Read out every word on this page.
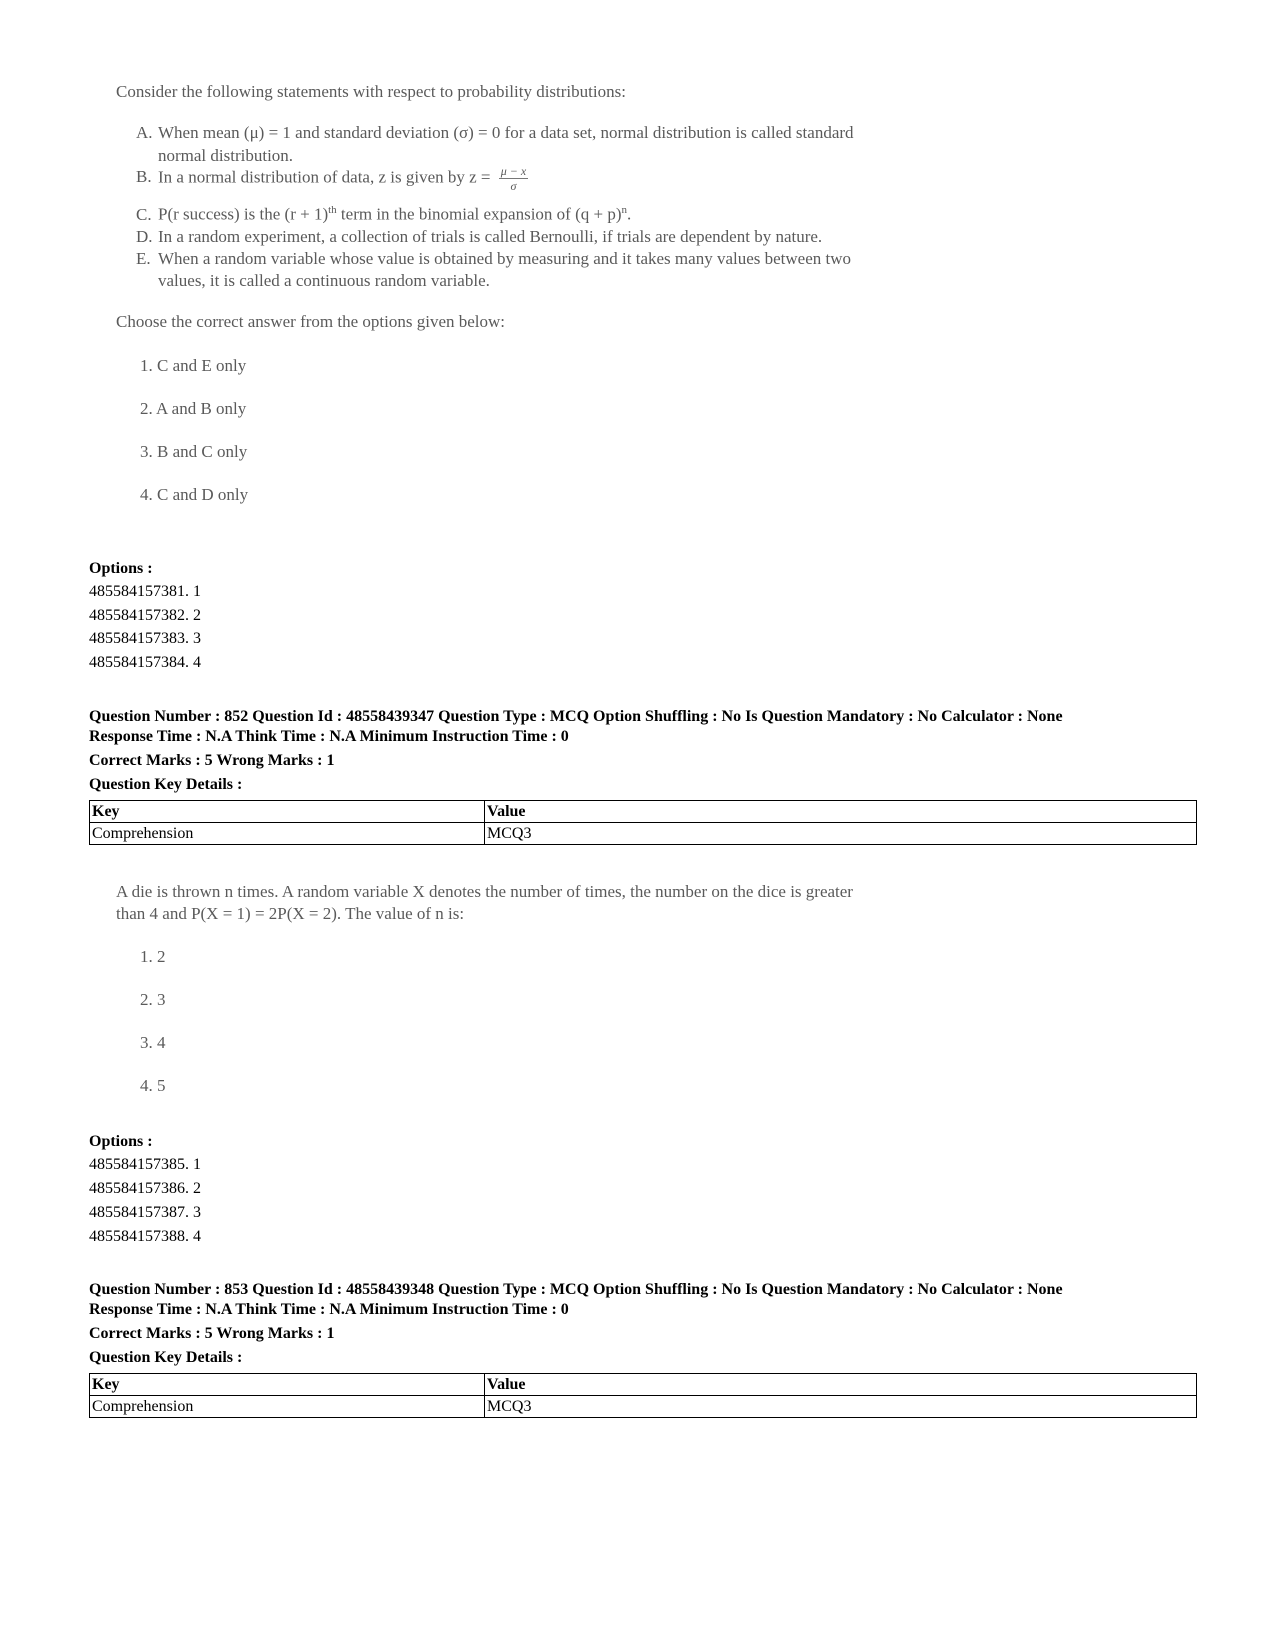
Consider the following statements with respect to probability distributions:
A. When mean (μ) = 1 and standard deviation (σ) = 0 for a data set, normal distribution is called standard
normal distribution.
B. In a normal distribution of data, z is given by $z = \frac{\mu - x}{\sigma}$
C. P(r success) is the $(r + 1)^{th}$ term in the binomial expansion of $(q + p)^n$.
D. In a random experiment, a collection of trials is called Bernoulli, if trials are dependent by nature.
E. When a random variable whose value is obtained by measuring and it takes many values between two
values, it is called a continuous random variable.
Choose the correct answer from the options given below:
1. C and E only
2. A and B only
3. B and C only
4. C and D only
Options :
485584157381. 1
485584157382. 2
485584157383. 3
485584157384. 4
Question Number : 852 Question Id : 48558439347 Question Type : MCQ Option Shuffling : No Is Question Mandatory : No Calculator : None
Response Time : N.A Think Time : N.A Minimum Instruction Time : 0
Correct Marks : 5 Wrong Marks : 1
Question Key Details :
Key	Value
Comprehension	MCQ3
A die is thrown n times. A random variable X denotes the number of times, the number on the dice is greater
than 4 and P(X = 1) = 2P(X = 2). The value of n is:
1. 2
2. 3
3. 4
4. 5
Options :
485584157385. 1
485584157386. 2
485584157387. 3
485584157388. 4
Question Number : 853 Question Id : 48558439348 Question Type : MCQ Option Shuffling : No Is Question Mandatory : No Calculator : None
Response Time : N.A Think Time : N.A Minimum Instruction Time : 0
Correct Marks : 5 Wrong Marks : 1
Question Key Details :
Key	Value
Comprehension	MCQ3
